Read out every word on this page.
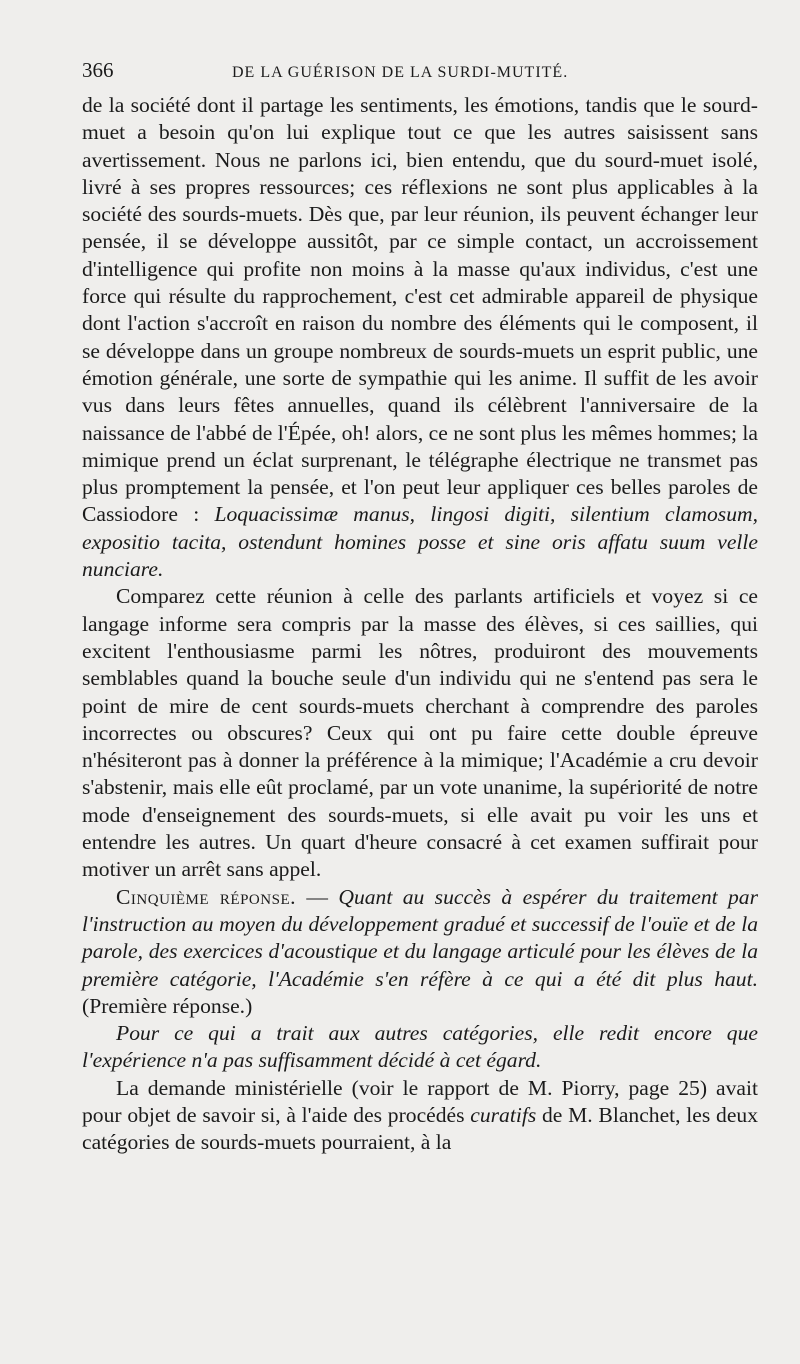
366	DE LA GUÉRISON DE LA SURDI-MUTITÉ.

de la société dont il partage les sentiments, les émotions, tandis que le sourd-muet a besoin qu'on lui explique tout ce que les autres saisissent sans avertissement. Nous ne parlons ici, bien entendu, que du sourd-muet isolé, livré à ses propres ressources; ces réflexions ne sont plus applicables à la société des sourds-muets. Dès que, par leur réunion, ils peuvent échanger leur pensée, il se développe aussitôt, par ce simple contact, un accroissement d'intelligence qui profite non moins à la masse qu'aux individus, c'est une force qui résulte du rapprochement, c'est cet admirable appareil de physique dont l'action s'accroît en raison du nombre des éléments qui le composent, il se développe dans un groupe nombreux de sourds-muets un esprit public, une émotion générale, une sorte de sympathie qui les anime. Il suffit de les avoir vus dans leurs fêtes annuelles, quand ils célèbrent l'anniversaire de la naissance de l'abbé de l'Épée, oh! alors, ce ne sont plus les mêmes hommes; la mimique prend un éclat surprenant, le télégraphe électrique ne transmet pas plus promptement la pensée, et l'on peut leur appliquer ces belles paroles de Cassiodore : Loquacissimæ manus, lingosi digiti, silentium clamosum, expositio tacita, ostendunt homines posse et sine oris affatu suum velle nunciare.

Comparez cette réunion à celle des parlants artificiels et voyez si ce langage informe sera compris par la masse des élèves, si ces saillies, qui excitent l'enthousiasme parmi les nôtres, produiront des mouvements semblables quand la bouche seule d'un individu qui ne s'entend pas sera le point de mire de cent sourds-muets cherchant à comprendre des paroles incorrectes ou obscures? Ceux qui ont pu faire cette double épreuve n'hésiteront pas à donner la préférence à la mimique; l'Académie a cru devoir s'abstenir, mais elle eût proclamé, par un vote unanime, la supériorité de notre mode d'enseignement des sourds-muets, si elle avait pu voir les uns et entendre les autres. Un quart d'heure consacré à cet examen suffirait pour motiver un arrêt sans appel.

Cinquième réponse. — Quant au succès à espérer du traitement par l'instruction au moyen du développement gradué et successif de l'ouïe et de la parole, des exercices d'acoustique et du langage articulé pour les élèves de la première catégorie, l'Académie s'en réfère à ce qui a été dit plus haut. (Première réponse.)

Pour ce qui a trait aux autres catégories, elle redit encore que l'expérience n'a pas suffisamment décidé à cet égard.

La demande ministérielle (voir le rapport de M. Piorry, page 25) avait pour objet de savoir si, à l'aide des procédés curatifs de M. Blanchet, les deux catégories de sourds-muets pourraient, à la
